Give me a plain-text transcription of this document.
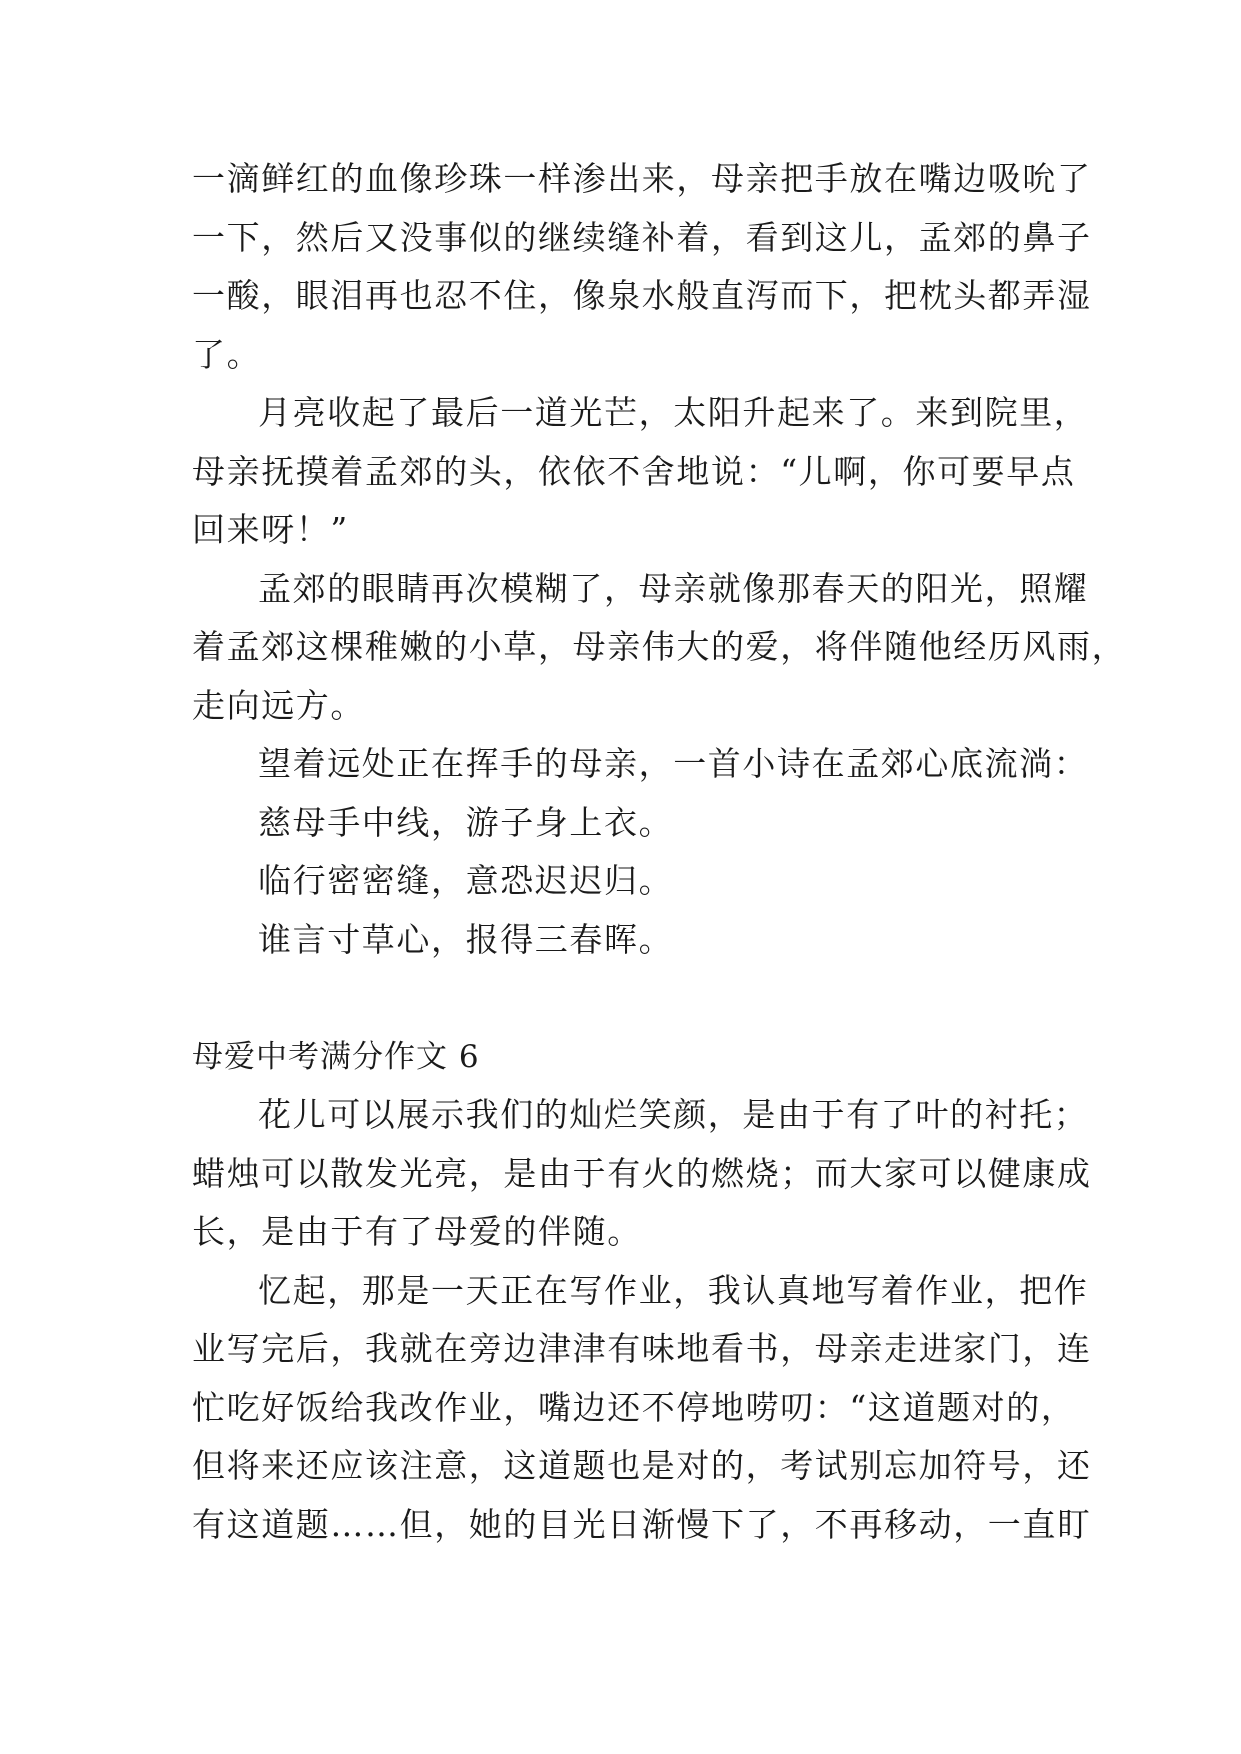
一滴鲜红的血像珍珠一样渗出来，母亲把手放在嘴边吸吮了
一下，然后又没事似的继续缝补着，看到这儿，孟郊的鼻子
一酸，眼泪再也忍不住，像泉水般直泻而下，把枕头都弄湿
了。
月亮收起了最后一道光芒，太阳升起来了。来到院里，
母亲抚摸着孟郊的头，依依不舍地说：“儿啊，你可要早点
回来呀！”
孟郊的眼睛再次模糊了，母亲就像那春天的阳光，照耀
着孟郊这棵稚嫩的小草，母亲伟大的爱，将伴随他经历风雨，
走向远方。
望着远处正在挥手的母亲，一首小诗在孟郊心底流淌：
慈母手中线，游子身上衣。
临行密密缝，意恐迟迟归。
谁言寸草心，报得三春晖。
母爱中考满分作文 6
花儿可以展示我们的灿烂笑颜，是由于有了叶的衬托；
蜡烛可以散发光亮，是由于有火的燃烧；而大家可以健康成
长，是由于有了母爱的伴随。
忆起，那是一天正在写作业，我认真地写着作业，把作
业写完后，我就在旁边津津有味地看书，母亲走进家门，连
忙吃好饭给我改作业，嘴边还不停地唠叨：“这道题对的，
但将来还应该注意，这道题也是对的，考试别忘加符号，还
有这道题……但，她的目光日渐慢下了，不再移动，一直盯
